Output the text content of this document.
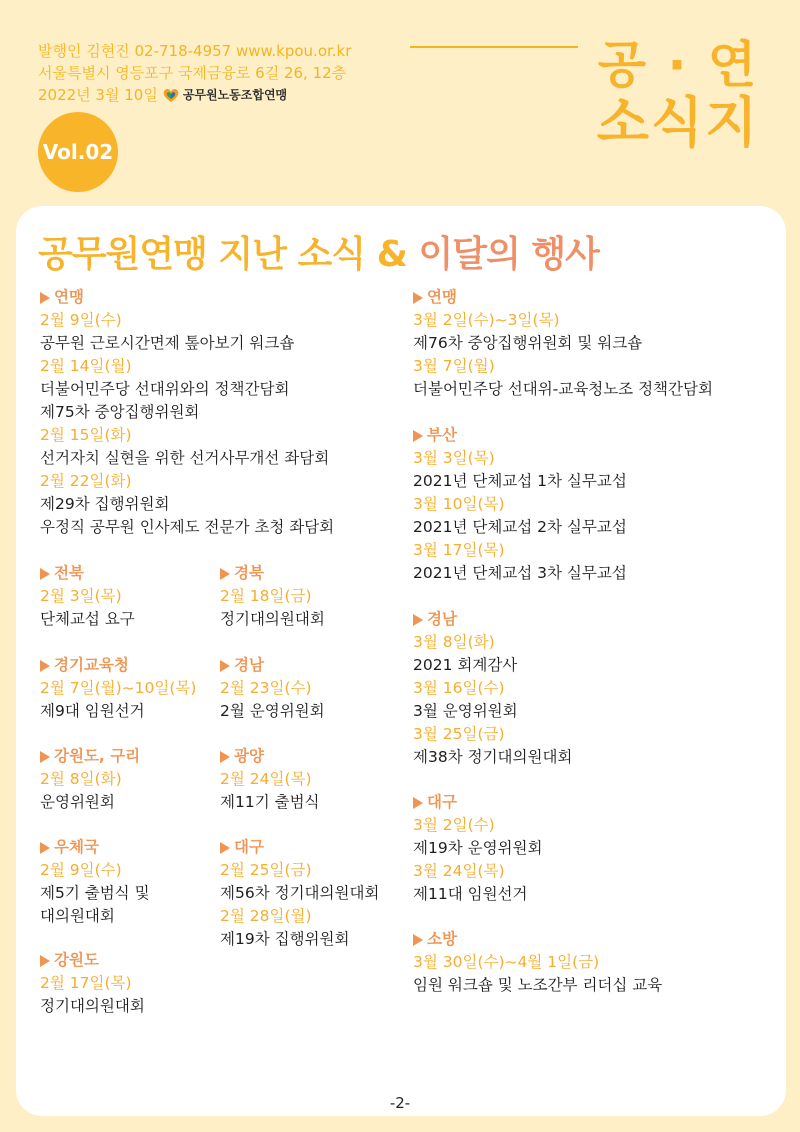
발행인 김현진 02-718-4957 www.kpou.or.kr
서울특별시 영등포구 국제금융로 6길 26, 12층
2022년 3월 10일 공무원노동조합연맹
Vol.02
공 · 연
소식지
공무원연맹 지난 소식 & 이달의 행사
연맹
2월 9일(수)
공무원 근로시간면제 톺아보기 워크숍
2월 14일(월)
더불어민주당 선대위와의 정책간담회
제75차 중앙집행위원회
2월 15일(화)
선거자치 실현을 위한 선거사무개선 좌담회
2월 22일(화)
제29차 집행위원회
우정직 공무원 인사제도 전문가 초청 좌담회
전북
2월 3일(목)
단체교섭 요구
경북
2월 18일(금)
정기대의원대회
경기교육청
2월 7일(월)~10일(목)
제9대 임원선거
경남
2월 23일(수)
2월 운영위원회
강원도, 구리
2월 8일(화)
운영위원회
광양
2월 24일(목)
제11기 출범식
우체국
2월 9일(수)
제5기 출범식 및
대의원대회
대구
2월 25일(금)
제56차 정기대의원대회
2월 28일(월)
제19차 집행위원회
강원도
2월 17일(목)
정기대의원대회
연맹
3월 2일(수)~3일(목)
제76차 중앙집행위원회 및 워크숍
3월 7일(월)
더불어민주당 선대위-교육청노조 정책간담회
부산
3월 3일(목)
2021년 단체교섭 1차 실무교섭
3월 10일(목)
2021년 단체교섭 2차 실무교섭
3월 17일(목)
2021년 단체교섭 3차 실무교섭
경남
3월 8일(화)
2021 회계감사
3월 16일(수)
3월 운영위원회
3월 25일(금)
제38차 정기대의원대회
대구
3월 2일(수)
제19차 운영위원회
3월 24일(목)
제11대 임원선거
소방
3월 30일(수)~4월 1일(금)
임원 워크숍 및 노조간부 리더십 교육
-2-
